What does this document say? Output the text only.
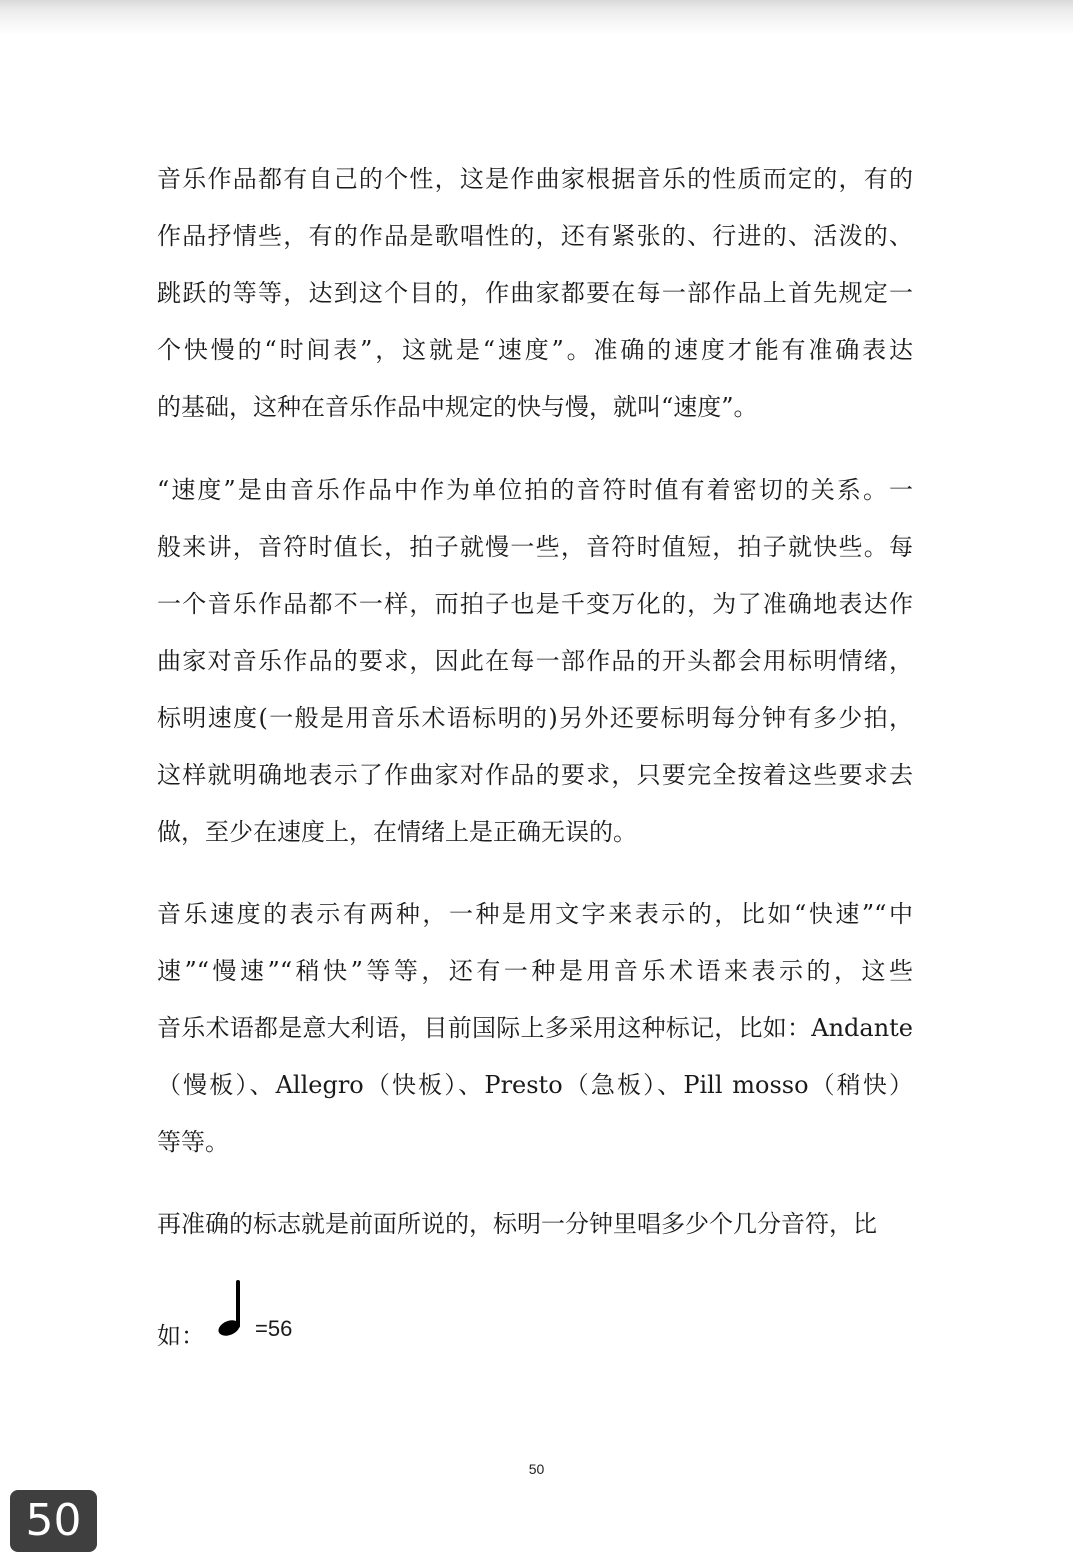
音乐作品都有自己的个性，这是作曲家根据音乐的性质而定的，有的
作品抒情些，有的作品是歌唱性的，还有紧张的、行进的、活泼的、
跳跃的等等，达到这个目的，作曲家都要在每一部作品上首先规定一
个快慢的“时间表”，这就是“速度”。准确的速度才能有准确表达
的基础，这种在音乐作品中规定的快与慢，就叫“速度”。

“速度”是由音乐作品中作为单位拍的音符时值有着密切的关系。一
般来讲，音符时值长，拍子就慢一些，音符时值短，拍子就快些。每
一个音乐作品都不一样，而拍子也是千变万化的，为了准确地表达作
曲家对音乐作品的要求，因此在每一部作品的开头都会用标明情绪，
标明速度(一般是用音乐术语标明的)另外还要标明每分钟有多少拍，
这样就明确地表示了作曲家对作品的要求，只要完全按着这些要求去
做，至少在速度上，在情绪上是正确无误的。

音乐速度的表示有两种，一种是用文字来表示的，比如“快速”“中
速”“慢速”“稍快”等等，还有一种是用音乐术语来表示的，这些
音乐术语都是意大利语，目前国际上多采用这种标记，比如：Andante
（慢板）、Allegro（快板）、Presto（急板）、Pill mosso（稍快）
等等。

再准确的标志就是前面所说的，标明一分钟里唱多少个几分音符，比

如： =56
50
50
